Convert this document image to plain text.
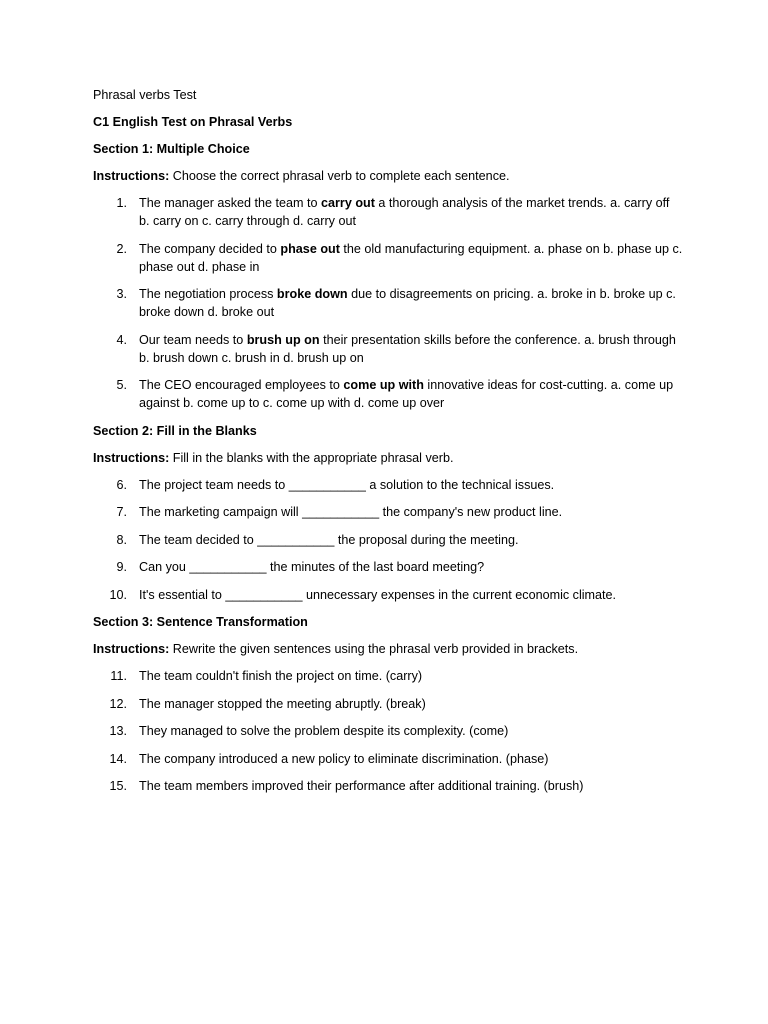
Phrasal verbs Test

C1 English Test on Phrasal Verbs

Section 1: Multiple Choice

Instructions: Choose the correct phrasal verb to complete each sentence.

1. The manager asked the team to carry out a thorough analysis of the market trends. a. carry off b. carry on c. carry through d. carry out
2. The company decided to phase out the old manufacturing equipment. a. phase on b. phase up c. phase out d. phase in
3. The negotiation process broke down due to disagreements on pricing. a. broke in b. broke up c. broke down d. broke out
4. Our team needs to brush up on their presentation skills before the conference. a. brush through b. brush down c. brush in d. brush up on
5. The CEO encouraged employees to come up with innovative ideas for cost-cutting. a. come up against b. come up to c. come up with d. come up over

Section 2: Fill in the Blanks

Instructions: Fill in the blanks with the appropriate phrasal verb.

6. The project team needs to ___________ a solution to the technical issues.
7. The marketing campaign will ___________ the company's new product line.
8. The team decided to ___________ the proposal during the meeting.
9. Can you ___________ the minutes of the last board meeting?
10. It's essential to ___________ unnecessary expenses in the current economic climate.

Section 3: Sentence Transformation

Instructions: Rewrite the given sentences using the phrasal verb provided in brackets.

11. The team couldn't finish the project on time. (carry)
12. The manager stopped the meeting abruptly. (break)
13. They managed to solve the problem despite its complexity. (come)
14. The company introduced a new policy to eliminate discrimination. (phase)
15. The team members improved their performance after additional training. (brush)
